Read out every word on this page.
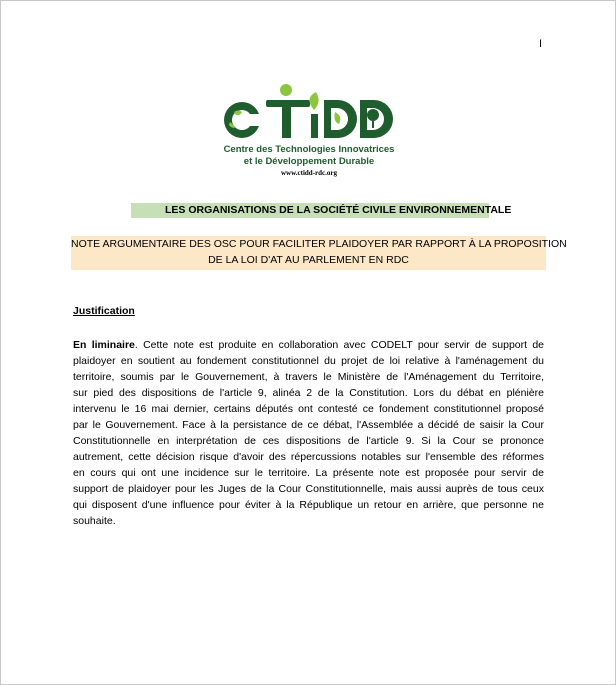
I
Centre des Technologies Innovatrices
et le Développement Durable
www.ctidd-rdc.org
LES ORGANISATIONS DE LA SOCIÉTÉ CIVILE ENVIRONNEMENTALE
NOTE ARGUMENTAIRE DES OSC POUR FACILITER PLAIDOYER PAR RAPPORT À LA PROPOSITION
DE LA LOI D'AT AU PARLEMENT EN RDC
Justification
En liminaire. Cette note est produite en collaboration avec CODELT pour servir de support de
plaidoyer en soutient au fondement constitutionnel du projet de loi relative à l'aménagement du
territoire, soumis par le Gouvernement, à travers le Ministère de l'Aménagement du Territoire,
sur pied des dispositions de l'article 9, alinéa 2 de la Constitution. Lors du débat en plénière
intervenu le 16 mai dernier, certains députés ont contesté ce fondement constitutionnel proposé
par le Gouvernement. Face à la persistance de ce débat, l'Assemblée a décidé de saisir la Cour
Constitutionnelle en interprétation de ces dispositions de l'article 9. Si la Cour se prononce
autrement, cette décision risque d'avoir des répercussions notables sur l'ensemble des réformes
en cours qui ont une incidence sur le territoire. La présente note est proposée pour servir de
support de plaidoyer pour les Juges de la Cour Constitutionnelle, mais aussi auprès de tous ceux
qui disposent d'une influence pour éviter à la République un retour en arrière, que personne ne
souhaite.
